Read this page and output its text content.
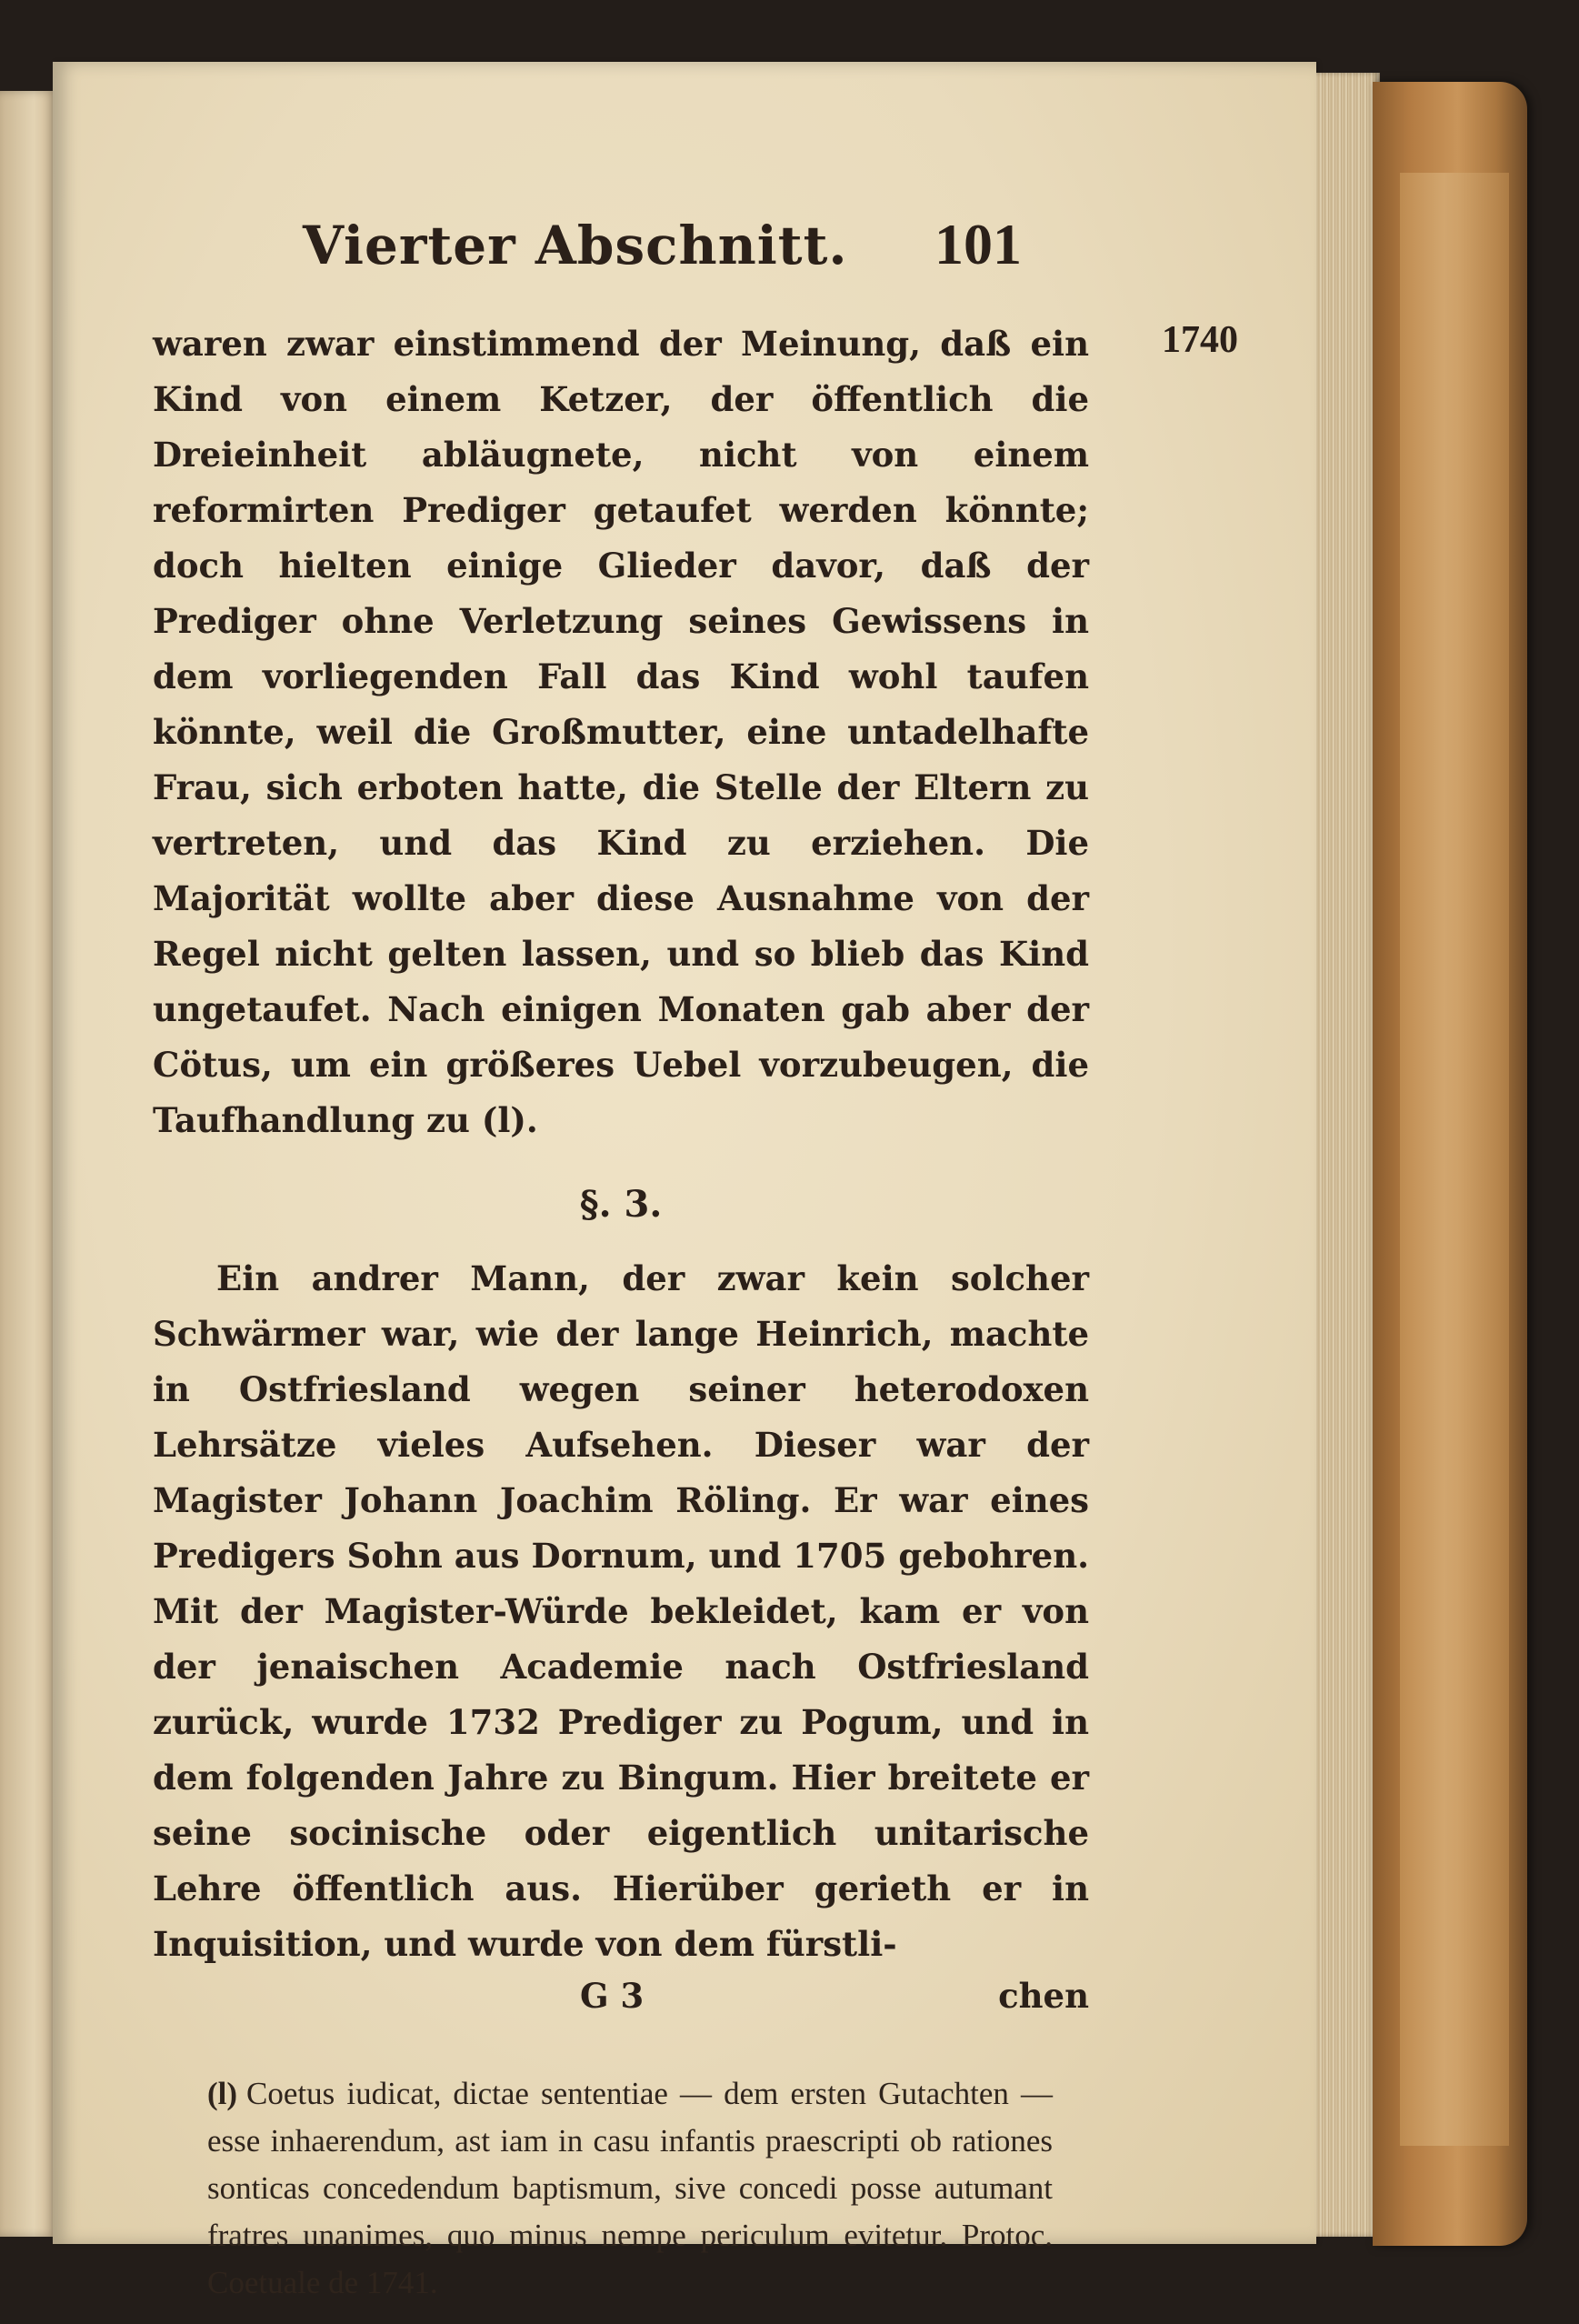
Vierter Abschnitt. 101
1740

waren zwar einstimmend der Meinung, daß ein Kind von einem Ketzer, der öffentlich die Dreieinheit abläugnete, nicht von einem reformirten Prediger getaufet werden könnte; doch hielten einige Glieder davor, daß der Prediger ohne Verletzung seines Gewissens in dem vorliegenden Fall das Kind wohl taufen könnte, weil die Großmutter, eine untadelhafte Frau, sich erboten hatte, die Stelle der Eltern zu vertreten, und das Kind zu erziehen. Die Majorität wollte aber diese Ausnahme von der Regel nicht gelten lassen, und so blieb das Kind ungetaufet. Nach einigen Monaten gab aber der Cötus, um ein größeres Uebel vorzubeugen, die Taufhandlung zu (l).

§. 3.

Ein andrer Mann, der zwar kein solcher Schwärmer war, wie der lange Heinrich, machte in Ostfriesland wegen seiner heterodoxen Lehrsätze vieles Aufsehen. Dieser war der Magister Johann Joachim Röling. Er war eines Predigers Sohn aus Dornum, und 1705 gebohren. Mit der Magister-Würde bekleidet, kam er von der jenaischen Academie nach Ostfriesland zurück, wurde 1732 Prediger zu Pogum, und in dem folgenden Jahre zu Bingum. Hier breitete er seine socinische oder eigentlich unitarische Lehre öffentlich aus. Hierüber gerieth er in Inquisition, und wurde von dem fürstli-

G 3	chen
(l) Coetus iudicat, dictae sententiae — dem ersten Gutachten — esse inhaerendum, ast iam in casu infantis praescripti ob rationes sonticas concedendum baptismum, sive concedi posse autumant fratres unanimes, quo minus nempe periculum evitetur. Protoc. Coetuale de 1741.
